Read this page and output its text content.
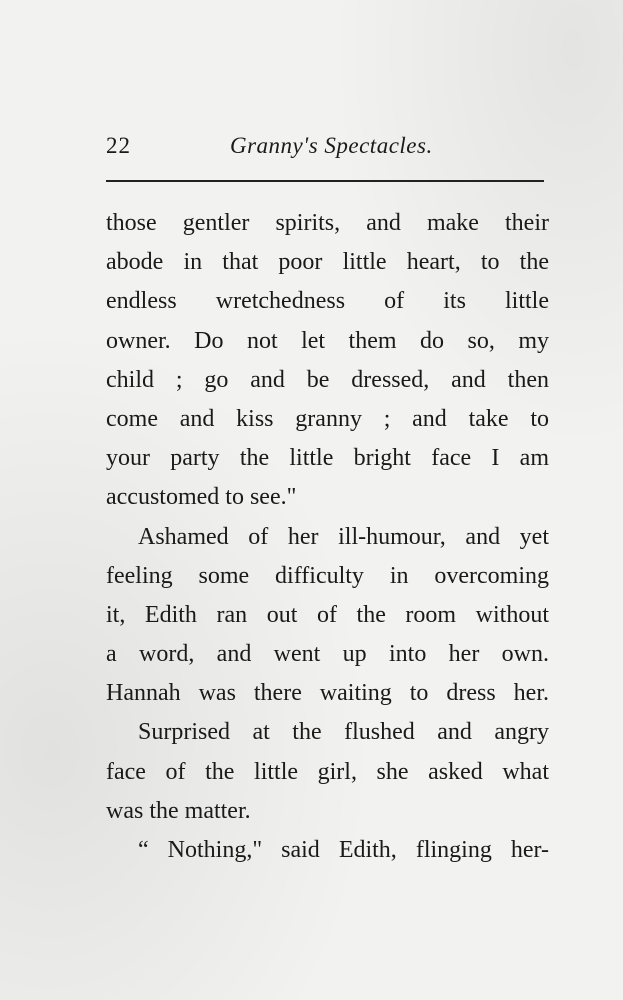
22	Granny's Spectacles.
those gentler spirits, and make their
abode in that poor little heart, to the
endless wretchedness of its little
owner. Do not let them do so, my
child ; go and be dressed, and then
come and kiss granny ; and take to
your party the little bright face I am
accustomed to see."
Ashamed of her ill-humour, and yet
feeling some difficulty in overcoming
it, Edith ran out of the room without
a word, and went up into her own.
Hannah was there waiting to dress her.
Surprised at the flushed and angry
face of the little girl, she asked what
was the matter.
“ Nothing," said Edith, flinging her-
